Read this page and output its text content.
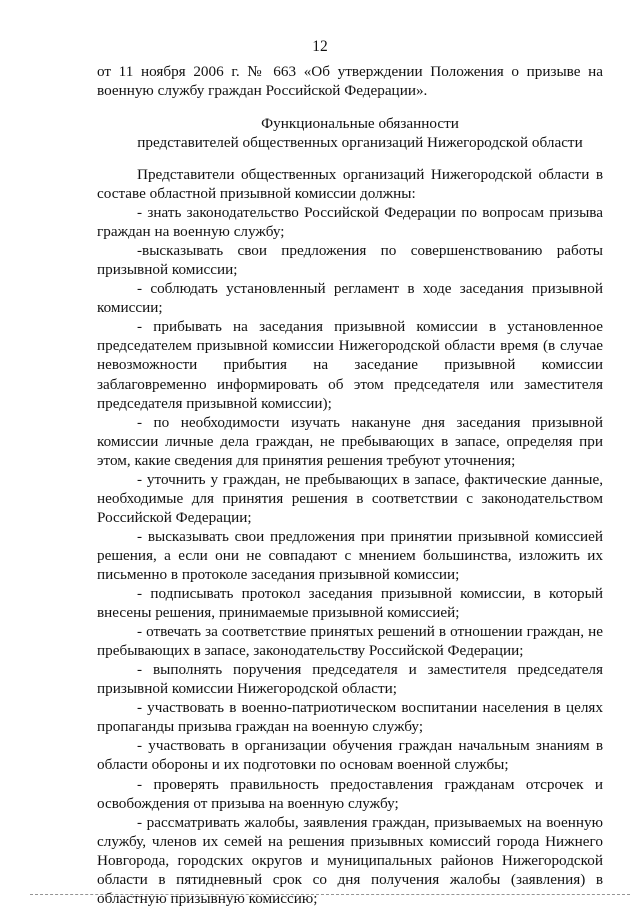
12

от 11 ноября 2006 г. № 663 «Об утверждении Положения о призыве на военную службу граждан Российской Федерации».

Функциональные обязанности
представителей общественных организаций Нижегородской области

Представители общественных организаций Нижегородской области в составе областной призывной комиссии должны:

- знать законодательство Российской Федерации по вопросам призыва граждан на военную службу;

-высказывать свои предложения по совершенствованию работы призывной комиссии;

- соблюдать установленный регламент в ходе заседания призывной комиссии;

- прибывать на заседания призывной комиссии в установленное председателем призывной комиссии Нижегородской области время (в случае невозможности прибытия на заседание призывной комиссии заблаговременно информировать об этом председателя или заместителя председателя призывной комиссии);

- по необходимости изучать накануне дня заседания призывной комиссии личные дела граждан, не пребывающих в запасе, определяя при этом, какие сведения для принятия решения требуют уточнения;

- уточнить у граждан, не пребывающих в запасе, фактические данные, необходимые для принятия решения в соответствии с законодательством Российской Федерации;

- высказывать свои предложения при принятии призывной комиссией решения, а если они не совпадают с мнением большинства, изложить их письменно в протоколе заседания призывной комиссии;

- подписывать протокол заседания призывной комиссии, в который внесены решения, принимаемые призывной комиссией;

- отвечать за соответствие принятых решений в отношении граждан, не пребывающих в запасе, законодательству Российской Федерации;

- выполнять поручения председателя и заместителя председателя призывной комиссии Нижегородской области;

- участвовать в военно-патриотическом воспитании населения в целях пропаганды призыва граждан на военную службу;

- участвовать в организации обучения граждан начальным знаниям в области обороны и их подготовки по основам военной службы;

- проверять правильность предоставления гражданам отсрочек и освобождения от призыва на военную службу;

- рассматривать жалобы, заявления граждан, призываемых на военную службу, членов их семей на решения призывных комиссий города Нижнего Новгорода, городских округов и муниципальных районов Нижегородской области в пятидневный срок со дня получения жалобы (заявления) в областную призывную комиссию;
